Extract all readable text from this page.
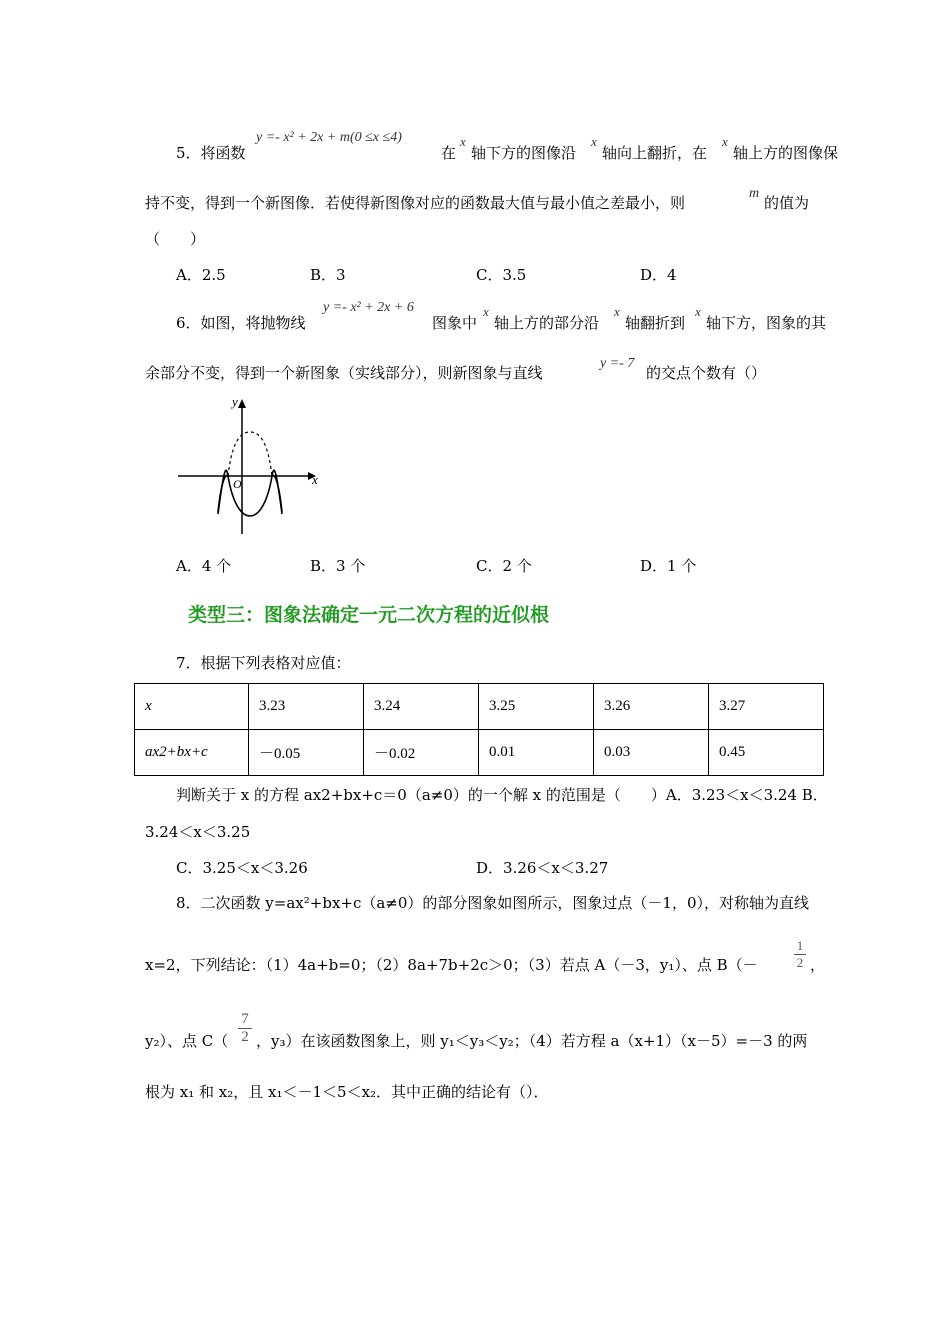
5．将函数
y =- x² + 2x + m(0 ≤x ≤4)
在
x
轴下方的图像沿
x
轴向上翻折，在
x
轴上方的图像保
持不变，得到一个新图像．若使得新图像对应的函数最大值与最小值之差最小，则
m
的值为
（　　）
A．2.5	B．3	C．3.5	D．4
6．如图，将抛物线
y =- x² + 2x + 6
图象中
x
轴上方的部分沿
x
轴翻折到
x
轴下方，图象的其
余部分不变，得到一个新图象（实线部分），则新图象与直线
y =- 7
的交点个数有（）
y
x
O
A．4 个	B．3 个	C．2 个	D．1 个
类型三：图象法确定一元二次方程的近似根
7．根据下列表格对应值：
x	3.23	3.24	3.25	3.26	3.27
ax2+bx+c	－0.05	－0.02	0.01	0.03	0.45
判断关于 x 的方程 ax2+bx+c＝0（a≠0）的一个解 x 的范围是（　　）A．3.23＜x＜3.24 B．
3.24＜x＜3.25
C．3.25＜x＜3.26	D．3.26＜x＜3.27
8．二次函数 y=ax²+bx+c（a≠0）的部分图象如图所示，图象过点（－1，0），对称轴为直线
x=2，下列结论：（1）4a+b=0；（2）8a+7b+2c＞0；（3）若点 A（－3，y₁）、点 B（－	$\frac{1}{2}$ ，
y₂）、点 $C( \frac{7}{2}$ ，y₃）在该函数图象上，则 y₁＜y₃＜y₂；（4）若方程 a（x+1）（x－5）=－3 的两
根为 x₁ 和 x₂，且 x₁＜－1＜5＜x₂．其中正确的结论有（）．
